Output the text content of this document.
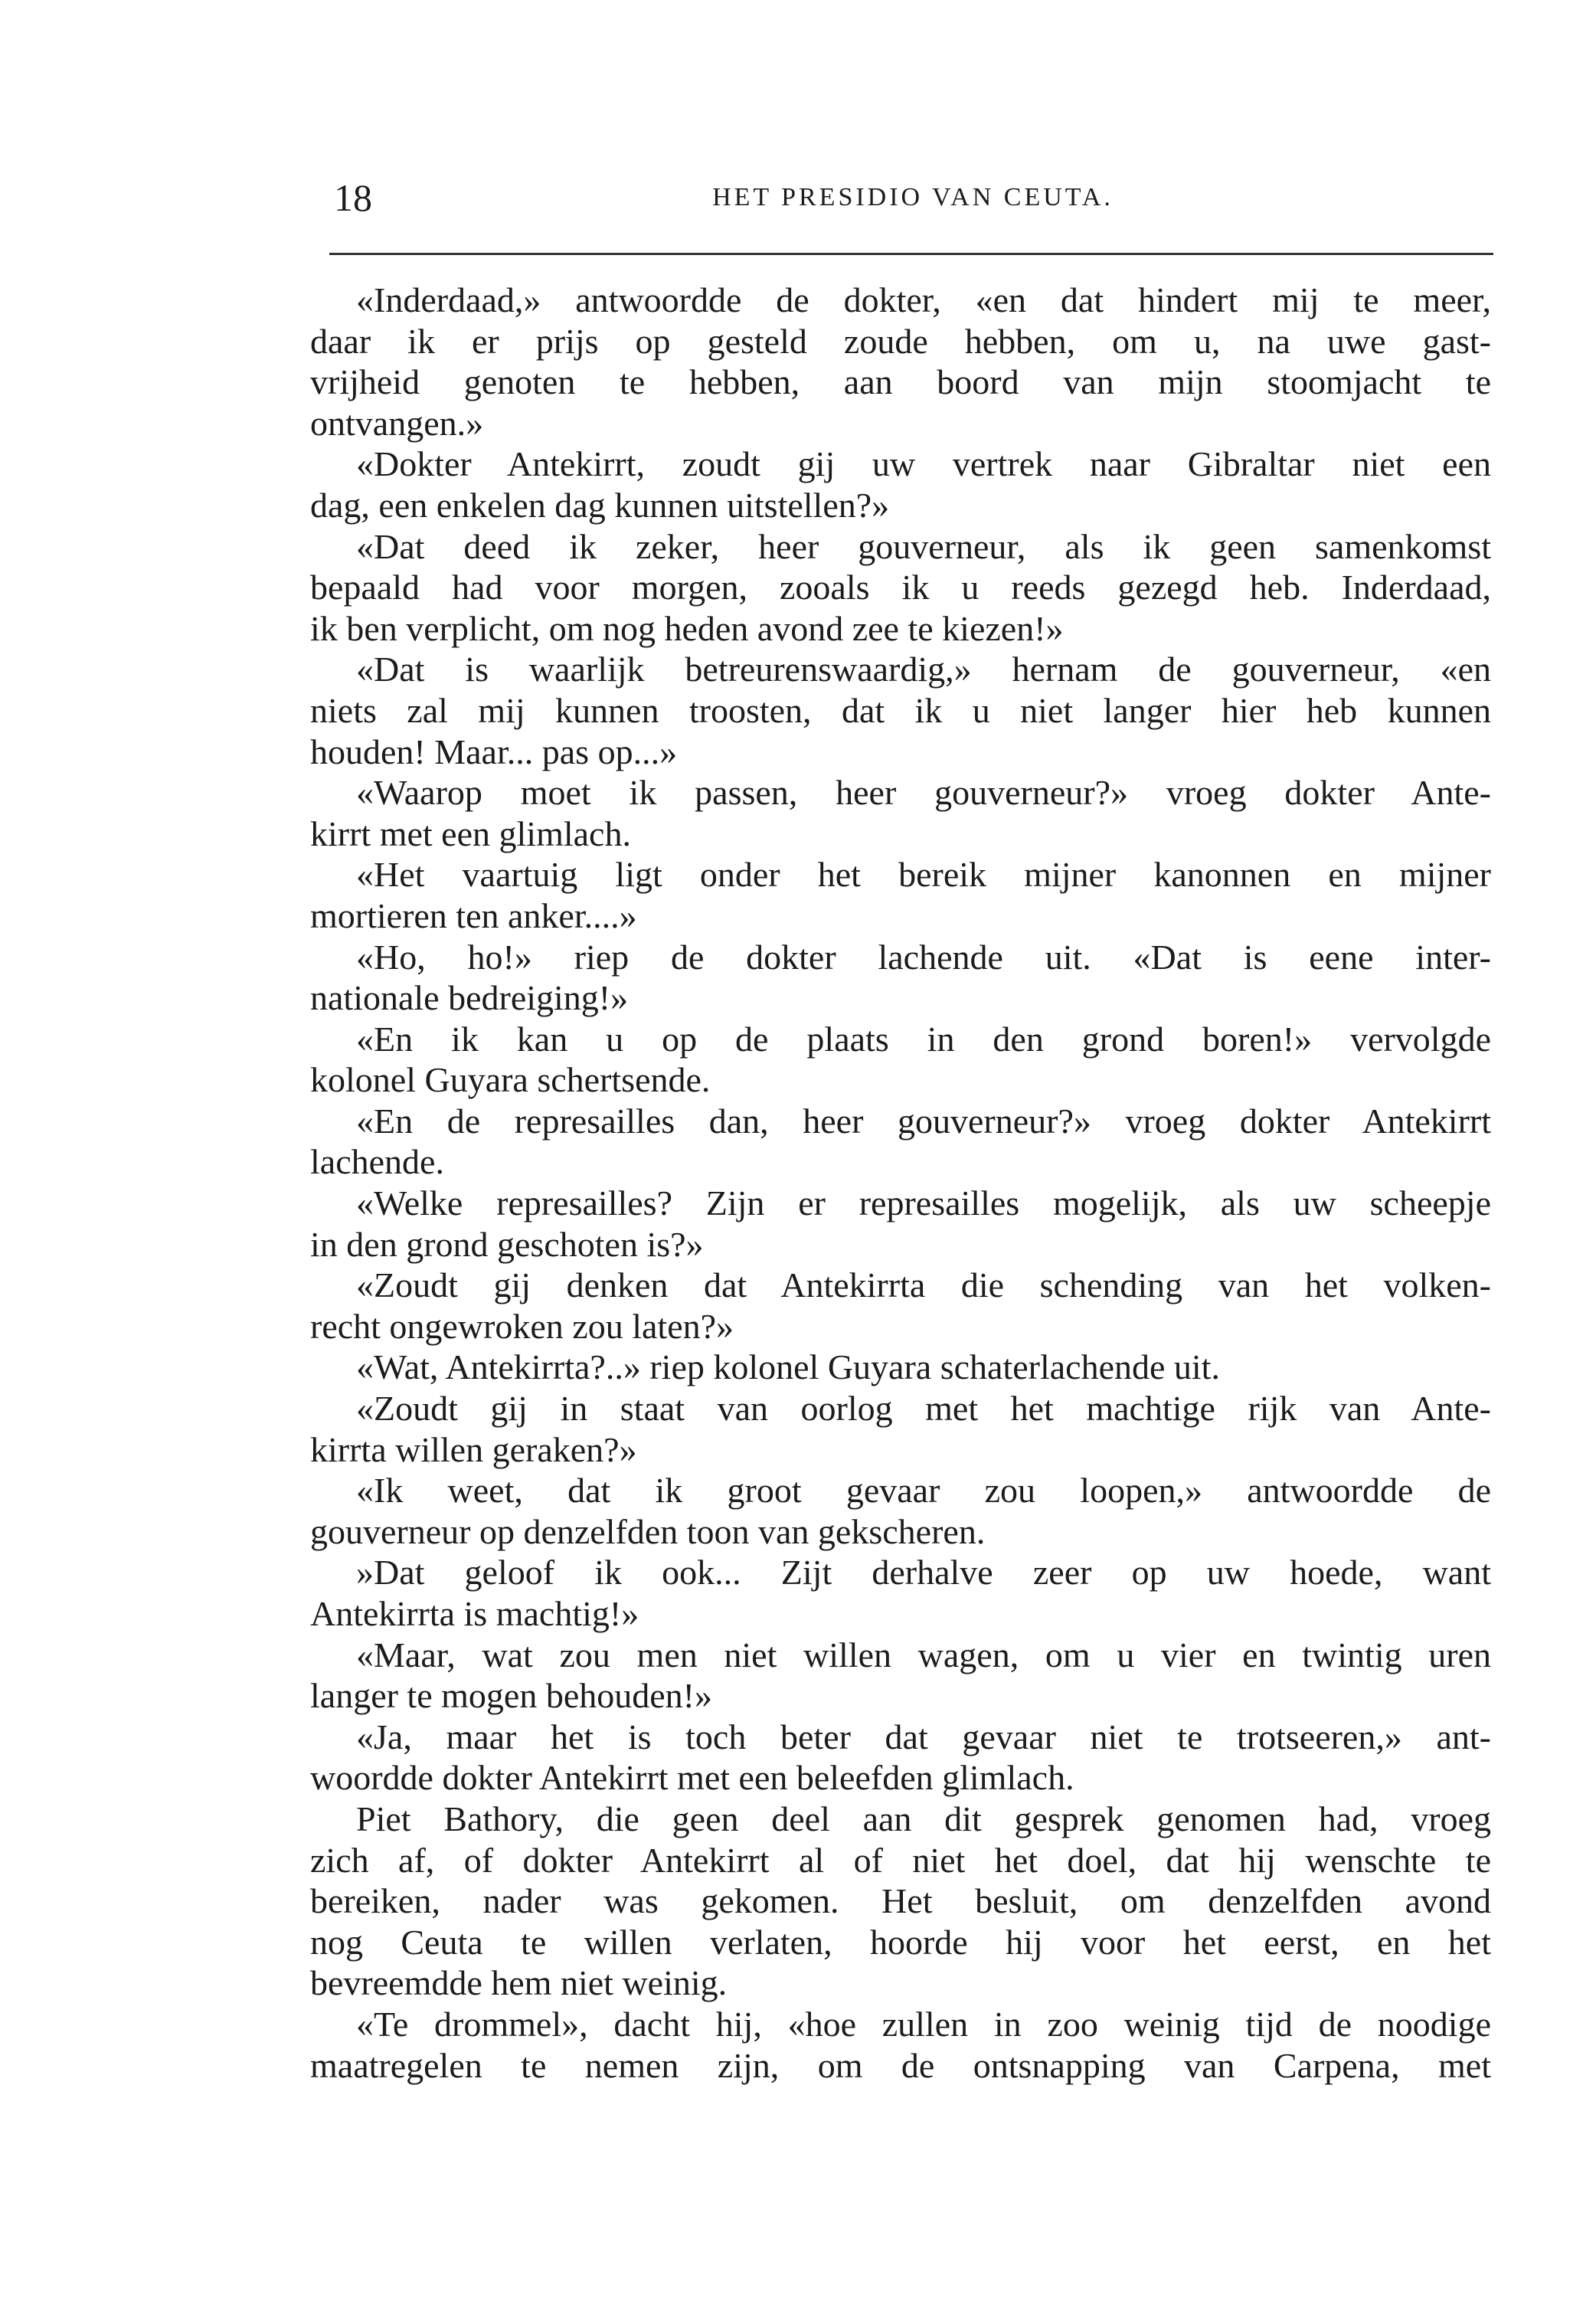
18	HET PRESIDIO VAN CEUTA.
«Inderdaad,» antwoordde de dokter, «en dat hindert mij te meer,
daar ik er prijs op gesteld zoude hebben, om u, na uwe gast-
vrijheid genoten te hebben, aan boord van mijn stoomjacht te
ontvangen.»
«Dokter Antekirrt, zoudt gij uw vertrek naar Gibraltar niet een
dag, een enkelen dag kunnen uitstellen?»
«Dat deed ik zeker, heer gouverneur, als ik geen samenkomst
bepaald had voor morgen, zooals ik u reeds gezegd heb. Inderdaad,
ik ben verplicht, om nog heden avond zee te kiezen!»
«Dat is waarlijk betreurenswaardig,» hernam de gouverneur, «en
niets zal mij kunnen troosten, dat ik u niet langer hier heb kunnen
houden! Maar... pas op...»
«Waarop moet ik passen, heer gouverneur?» vroeg dokter Ante-
kirrt met een glimlach.
«Het vaartuig ligt onder het bereik mijner kanonnen en mijner
mortieren ten anker....»
«Ho, ho!» riep de dokter lachende uit. «Dat is eene inter-
nationale bedreiging!»
«En ik kan u op de plaats in den grond boren!» vervolgde
kolonel Guyara schertsende.
«En de represailles dan, heer gouverneur?» vroeg dokter Antekirrt
lachende.
«Welke represailles? Zijn er represailles mogelijk, als uw scheepje
in den grond geschoten is?»
«Zoudt gij denken dat Antekirrta die schending van het volken-
recht ongewroken zou laten?»
«Wat, Antekirrta?..» riep kolonel Guyara schaterlachende uit.
«Zoudt gij in staat van oorlog met het machtige rijk van Ante-
kirrta willen geraken?»
«Ik weet, dat ik groot gevaar zou loopen,» antwoordde de
gouverneur op denzelfden toon van gekscheren.
»Dat geloof ik ook... Zijt derhalve zeer op uw hoede, want
Antekirrta is machtig!»
«Maar, wat zou men niet willen wagen, om u vier en twintig uren
langer te mogen behouden!»
«Ja, maar het is toch beter dat gevaar niet te trotseeren,» ant-
woordde dokter Antekirrt met een beleefden glimlach.
Piet Bathory, die geen deel aan dit gesprek genomen had, vroeg
zich af, of dokter Antekirrt al of niet het doel, dat hij wenschte te
bereiken, nader was gekomen. Het besluit, om denzelfden avond
nog Ceuta te willen verlaten, hoorde hij voor het eerst, en het
bevreemdde hem niet weinig.
«Te drommel», dacht hij, «hoe zullen in zoo weinig tijd de noodige
maatregelen te nemen zijn, om de ontsnapping van Carpena, met
